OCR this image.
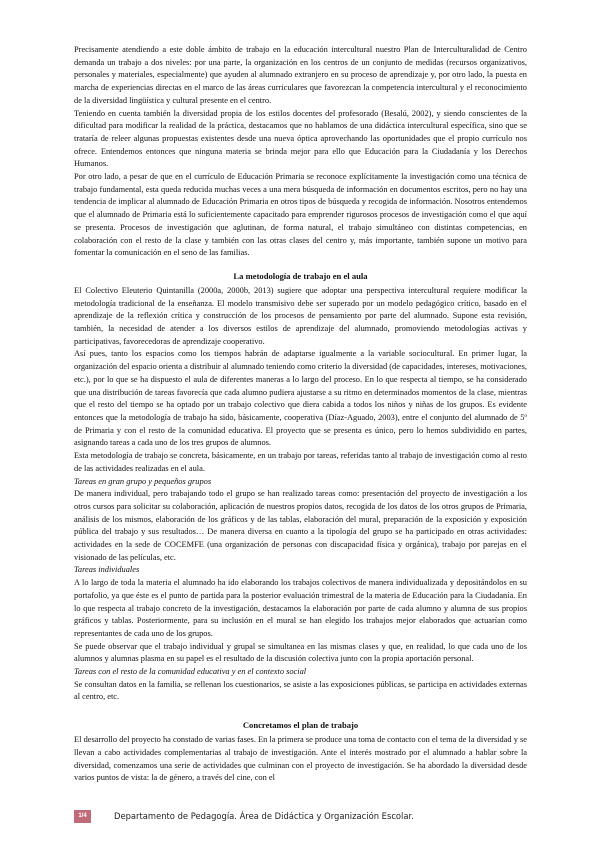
Precisamente atendiendo a este doble ámbito de trabajo en la educación intercultural nuestro Plan de Interculturalidad de Centro demanda un trabajo a dos niveles: por una parte, la organización en los centros de un conjunto de medidas (recursos organizativos, personales y materiales, especialmente) que ayuden al alumnado extranjero en su proceso de aprendizaje y, por otro lado, la puesta en marcha de experiencias directas en el marco de las áreas curriculares que favorezcan la competencia intercultural y el reconocimiento de la diversidad lingüística y cultural presente en el centro.

Teniendo en cuenta también la diversidad propia de los estilos docentes del profesorado (Besalú, 2002), y siendo conscientes de la dificultad para modificar la realidad de la práctica, destacamos que no hablamos de una didáctica intercultural específica, sino que se trataría de releer algunas propuestas existentes desde una nueva óptica aprovechando las oportunidades que el propio currículo nos ofrece. Entendemos entonces que ninguna materia se brinda mejor para ello que Educación para la Ciudadanía y los Derechos Humanos.

Por otro lado, a pesar de que en el currículo de Educación Primaria se reconoce explícitamente la investigación como una técnica de trabajo fundamental, esta queda reducida muchas veces a una mera búsqueda de información en documentos escritos, pero no hay una tendencia de implicar al alumnado de Educación Primaria en otros tipos de búsqueda y recogida de información. Nosotros entendemos que el alumnado de Primaria está lo suficientemente capacitado para emprender rigurosos procesos de investigación como el que aquí se presenta. Procesos de investigación que aglutinan, de forma natural, el trabajo simultáneo con distintas competencias, en colaboración con el resto de la clase y también con las otras clases del centro y, más importante, también supone un motivo para fomentar la comunicación en el seno de las familias.

La metodología de trabajo en el aula

El Colectivo Eleuterio Quintanilla (2000a, 2000b, 2013) sugiere que adoptar una perspectiva intercultural requiere modificar la metodología tradicional de la enseñanza. El modelo transmisivo debe ser superado por un modelo pedagógico crítico, basado en el aprendizaje de la reflexión crítica y construcción de los procesos de pensamiento por parte del alumnado. Supone esta revisión, también, la necesidad de atender a los diversos estilos de aprendizaje del alumnado, promoviendo metodologías activas y participativas, favorecedoras de aprendizaje cooperativo.

Así pues, tanto los espacios como los tiempos habrán de adaptarse igualmente a la variable sociocultural. En primer lugar, la organización del espacio orienta a distribuir al alumnado teniendo como criterio la diversidad (de capacidades, intereses, motivaciones, etc.), por lo que se ha dispuesto el aula de diferentes maneras a lo largo del proceso. En lo que respecta al tiempo, se ha considerado que una distribución de tareas favorecía que cada alumno pudiera ajustarse a su ritmo en determinados momentos de la clase, mientras que el resto del tiempo se ha optado por un trabajo colectivo que diera cabida a todos los niños y niñas de los grupos. Es evidente entonces que la metodología de trabajo ha sido, básicamente, cooperativa (Díaz-Aguado, 2003), entre el conjunto del alumnado de 5º de Primaria y con el resto de la comunidad educativa. El proyecto que se presenta es único, pero lo hemos subdividido en partes, asignando tareas a cada uno de los tres grupos de alumnos.

Esta metodología de trabajo se concreta, básicamente, en un trabajo por tareas, referidas tanto al trabajo de investigación como al resto de las actividades realizadas en el aula.

Tareas en gran grupo y pequeños grupos

De manera individual, pero trabajando todo el grupo se han realizado tareas como: presentación del proyecto de investigación a los otros cursos para solicitar su colaboración, aplicación de nuestros propios datos, recogida de los datos de los otros grupos de Primaria, análisis de los mismos, elaboración de los gráficos y de las tablas, elaboración del mural, preparación de la exposición y exposición pública del trabajo y sus resultados… De manera diversa en cuanto a la tipología del grupo se ha participado en otras actividades: actividades en la sede de COCEMFE (una organización de personas con discapacidad física y orgánica), trabajo por parejas en el visionado de las películas, etc.

Tareas individuales

A lo largo de toda la materia el alumnado ha ido elaborando los trabajos colectivos de manera individualizada y depositándolos en su portafolio, ya que éste es el punto de partida para la posterior evaluación trimestral de la materia de Educación para la Ciudadanía. En lo que respecta al trabajo concreto de la investigación, destacamos la elaboración por parte de cada alumno y alumna de sus propios gráficos y tablas. Posteriormente, para su inclusión en el mural se han elegido los trabajos mejor elaborados que actuarían como representantes de cada uno de los grupos.

Se puede observar que el trabajo individual y grupal se simultanea en las mismas clases y que, en realidad, lo que cada uno de los alumnos y alumnas plasma en su papel es el resultado de la discusión colectiva junto con la propia aportación personal.

Tareas con el resto de la comunidad educativa y en el contexto social

Se consultan datos en la familia, se rellenan los cuestionarios, se asiste a las exposiciones públicas, se participa en actividades externas al centro, etc.

Concretamos el plan de trabajo

El desarrollo del proyecto ha constado de varias fases. En la primera se produce una toma de contacto con el tema de la diversidad y se llevan a cabo actividades complementarias al trabajo de investigación. Ante el interés mostrado por el alumnado a hablar sobre la diversidad, comenzamos una serie de actividades que culminan con el proyecto de investigación. Se ha abordado la diversidad desde varios puntos de vista: la de género, a través del cine, con el

1/4	Departamento de Pedagogía. Área de Didáctica y Organización Escolar.
